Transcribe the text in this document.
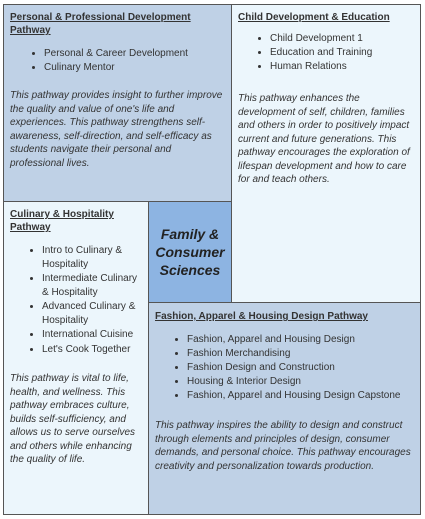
Personal & Professional Development Pathway
• Personal & Career Development
• Culinary Mentor
This pathway provides insight to further improve the quality and value of one's life and experiences. This pathway strengthens self-awareness, self-direction, and self-efficacy as students navigate their personal and professional lives.
Child Development & Education
• Child Development 1
• Education and Training
• Human Relations
This pathway enhances the development of self, children, families and others in order to positively impact current and future generations. This pathway encourages the exploration of lifespan development and how to care for and teach others.
Culinary & Hospitality Pathway
• Intro to Culinary & Hospitality
• Intermediate Culinary & Hospitality
• Advanced Culinary & Hospitality
• International Cuisine
• Let's Cook Together
This pathway is vital to life, health, and wellness. This pathway embraces culture, builds self-sufficiency, and allows us to serve ourselves and others while enhancing the quality of life.
Family &
Consumer
Sciences
Fashion, Apparel & Housing Design Pathway
• Fashion, Apparel and Housing Design
• Fashion Merchandising
• Fashion Design and Construction
• Housing & Interior Design
• Fashion, Apparel and Housing Design Capstone
This pathway inspires the ability to design and construct through elements and principles of design, consumer demands, and personal choice. This pathway encourages creativity and personalization towards production.
